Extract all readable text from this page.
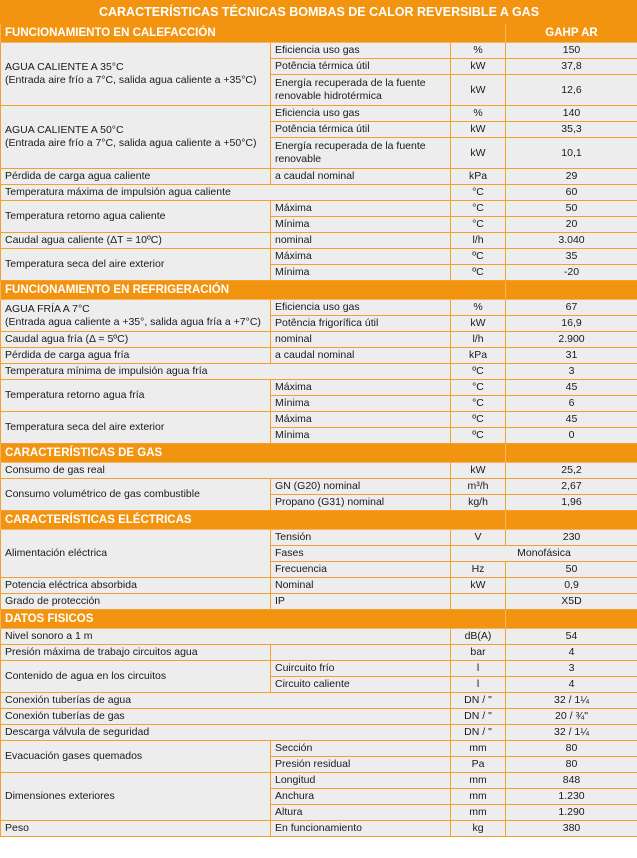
CARACTERÍSTICAS TÉCNICAS BOMBAS DE CALOR REVERSIBLE A GAS			
FUNCIONAMIENTO EN CALEFACCIÓN			GAHP AR
AGUA CALIENTE A 35°C
(Entrada aire frío a 7°C, salida agua caliente a +35°C)	Eficiencia uso gas	%	150
	Potência térmica útil	kW	37,8
	Energía recuperada de la fuente renovable hidrotérmica	kW	12,6
AGUA CALIENTE A 50°C
(Entrada aire frío a 7°C, salida agua caliente a +50°C)	Eficiencia uso gas	%	140
	Potência térmica útil	kW	35,3
	Energía recuperada de la fuente renovable	kW	10,1
Pérdida de carga agua caliente	a caudal nominal	kPa	29
Temperatura máxima de impulsión agua caliente		°C	60
Temperatura retorno agua caliente	Máxima	°C	50
	Mínima	°C	20
Caudal agua caliente (ΔT = 10ºC)	nominal	l/h	3.040
Temperatura seca del aire exterior	Máxima	ºC	35
	Mínima	ºC	-20
FUNCIONAMIENTO EN REFRIGERACIÓN			
AGUA FRÍA A 7°C
(Entrada agua caliente a +35°, salida agua fría a +7°C)	Eficiencia uso gas	%	67
	Potência frigorífica útil	kW	16,9
Caudal agua fría (Δ = 5ºC)	nominal	l/h	2.900
Pérdida de carga agua fría	a caudal nominal	kPa	31
Temperatura mínima de impulsión agua fría		ºC	3
Temperatura retorno agua fría	Máxima	°C	45
	Mínima	°C	6
Temperatura seca del aire exterior	Máxima	ºC	45
	Mínima	ºC	0
CARACTERÍSTICAS DE GAS			
Consumo de gas real		kW	25,2
Consumo volumétrico de gas combustible	GN (G20) nominal	m³/h	2,67
	Propano (G31) nominal	kg/h	1,96
CARACTERÍSTICAS ELÉCTRICAS			
Alimentación eléctrica	Tensión	V	230
	Fases	Monofásica	
	Frecuencia	Hz	50
Potencia eléctrica absorbida	Nominal	kW	0,9
Grado de protección	IP		X5D
DATOS FISICOS			
Nivel sonoro a 1 m		dB(A)	54
Presión máxima de trabajo circuitos agua		bar	4
Contenido de agua en los circuitos	Cuircuito frío	l	3
	Circuito caliente	l	4
Conexión tuberías de agua		DN / "	32 / 1¼
Conexión tuberías de gas		DN / "	20 / ¾"
Descarga válvula de seguridad		DN / "	32 / 1¼
Evacuación gases quemados	Sección	mm	80
	Presión residual	Pa	80
Dimensiones exteriores	Longitud	mm	848
	Anchura	mm	1.230
	Altura	mm	1.290
Peso	En funcionamiento	kg	380
